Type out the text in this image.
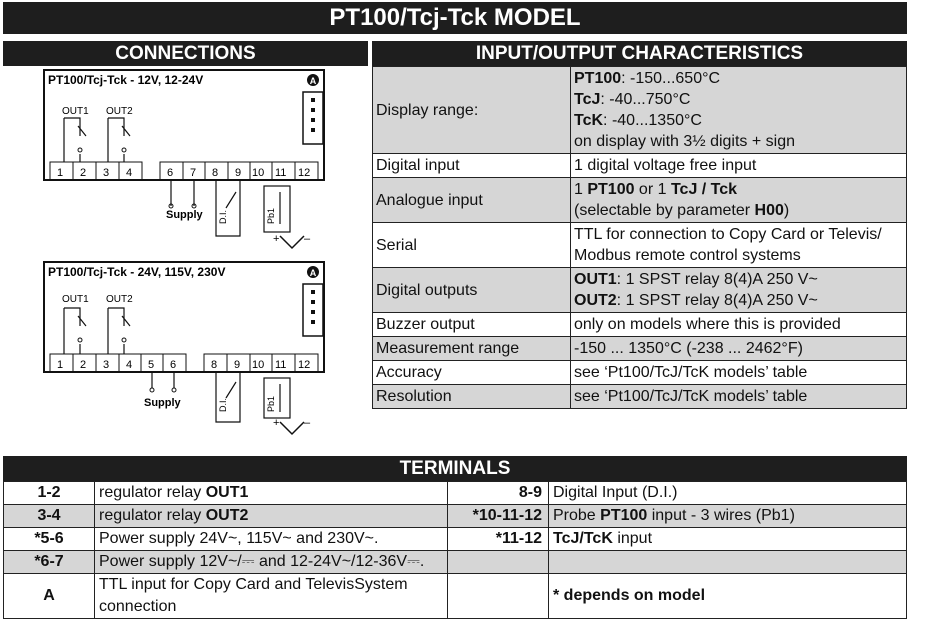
PT100/Tcj-Tck MODEL
CONNECTIONS	INPUT/OUTPUT CHARACTERISTICS
PT100/Tcj-Tck - 12V, 12-24V	A
OUT1 OUT2
1 2 3 4	6 7 8 9 10 11 12
Supply D.I.	Pb1
+ –
PT100/Tcj-Tck - 24V, 115V, 230V	A
OUT1 OUT2
1 2 3 4 5 6	8 9 10 11 12
Supply	D.I.	Pb1
+ –
Display range:	PT100: -150...650°C
TcJ: -40...750°C
TcK: -40...1350°C
on display with 3½ digits + sign
Digital input	1 digital voltage free input
Analogue input	1 PT100 or 1 TcJ / Tck
(selectable by parameter H00)
Serial	TTL for connection to Copy Card or Televis/
Modbus remote control systems
Digital outputs	OUT1: 1 SPST relay 8(4)A 250 V~
OUT2: 1 SPST relay 8(4)A 250 V~
Buzzer output	only on models where this is provided
Measurement range	-150 ... 1350°C (-238 ... 2462°F)
Accuracy	see ‘Pt100/TcJ/TcK models’ table
Resolution	see ‘Pt100/TcJ/TcK models’ table
TERMINALS
1-2	regulator relay OUT1	8-9	Digital Input (D.I.)
3-4	regulator relay OUT2	*10-11-12	Probe PT100 input - 3 wires (Pb1)
*5-6	Power supply 24V~, 115V~ and 230V~.	*11-12	TcJ/TcK input
*6-7	Power supply 12V~/⎓ and 12-24V~/12-36V⎓.		
A	TTL input for Copy Card and TelevisSystem connection		* depends on model
